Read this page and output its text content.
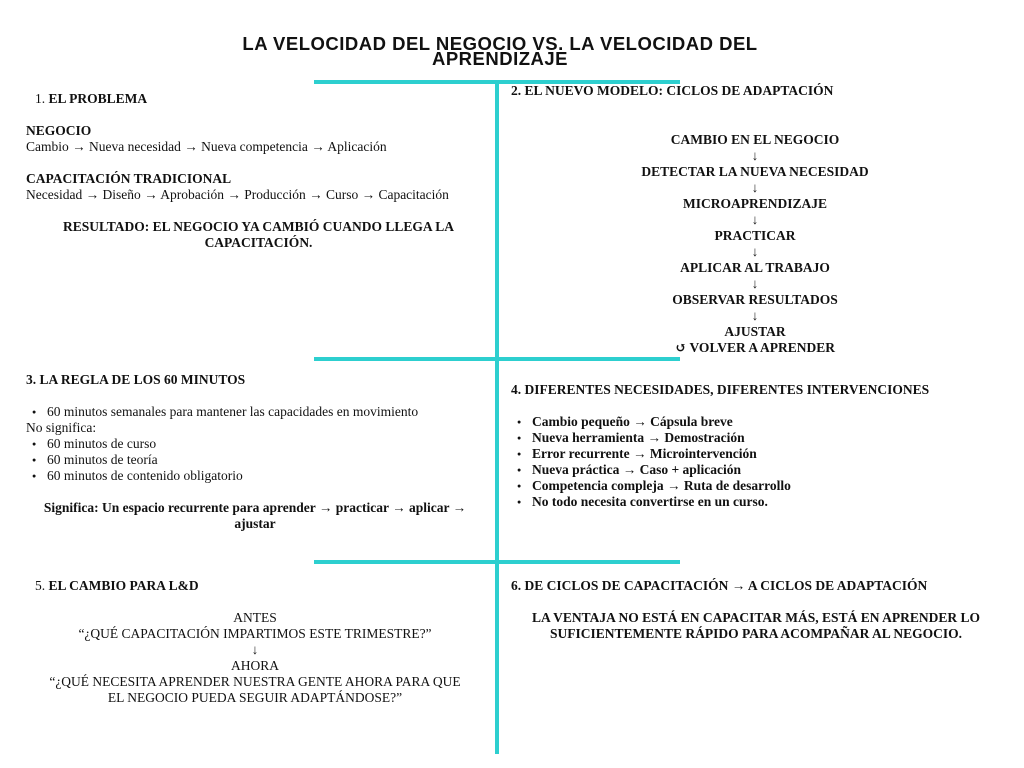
LA VELOCIDAD DEL NEGOCIO VS. LA VELOCIDAD DEL
APRENDIZAJE
1. EL PROBLEMA
NEGOCIO
Cambio → Nueva necesidad → Nueva competencia → Aplicación
CAPACITACIÓN TRADICIONAL
Necesidad → Diseño → Aprobación → Producción → Curso → Capacitación
RESULTADO: EL NEGOCIO YA CAMBIÓ CUANDO LLEGA LA
CAPACITACIÓN.
2. EL NUEVO MODELO: CICLOS DE ADAPTACIÓN
CAMBIO EN EL NEGOCIO
↓
DETECTAR LA NUEVA NECESIDAD
↓
MICROAPRENDIZAJE
↓
PRACTICAR
↓
APLICAR AL TRABAJO
↓
OBSERVAR RESULTADOS
↓
AJUSTAR
↺ VOLVER A APRENDER
3. LA REGLA DE LOS 60 MINUTOS
● 60 minutos semanales para mantener las capacidades en movimiento
No significa:
● 60 minutos de curso
● 60 minutos de teoría
● 60 minutos de contenido obligatorio
Significa: Un espacio recurrente para aprender → practicar → aplicar →
ajustar
4. DIFERENTES NECESIDADES, DIFERENTES INTERVENCIONES
● Cambio pequeño → Cápsula breve
● Nueva herramienta → Demostración
● Error recurrente → Microintervención
● Nueva práctica → Caso + aplicación
● Competencia compleja → Ruta de desarrollo
● No todo necesita convertirse en un curso.
5. EL CAMBIO PARA L&D
ANTES
“¿QUÉ CAPACITACIÓN IMPARTIMOS ESTE TRIMESTRE?”
↓
AHORA
“¿QUÉ NECESITA APRENDER NUESTRA GENTE AHORA PARA QUE
EL NEGOCIO PUEDA SEGUIR ADAPTÁNDOSE?”
6. DE CICLOS DE CAPACITACIÓN → A CICLOS DE ADAPTACIÓN
LA VENTAJA NO ESTÁ EN CAPACITAR MÁS, ESTÁ EN APRENDER LO
SUFICIENTEMENTE RÁPIDO PARA ACOMPAÑAR AL NEGOCIO.
